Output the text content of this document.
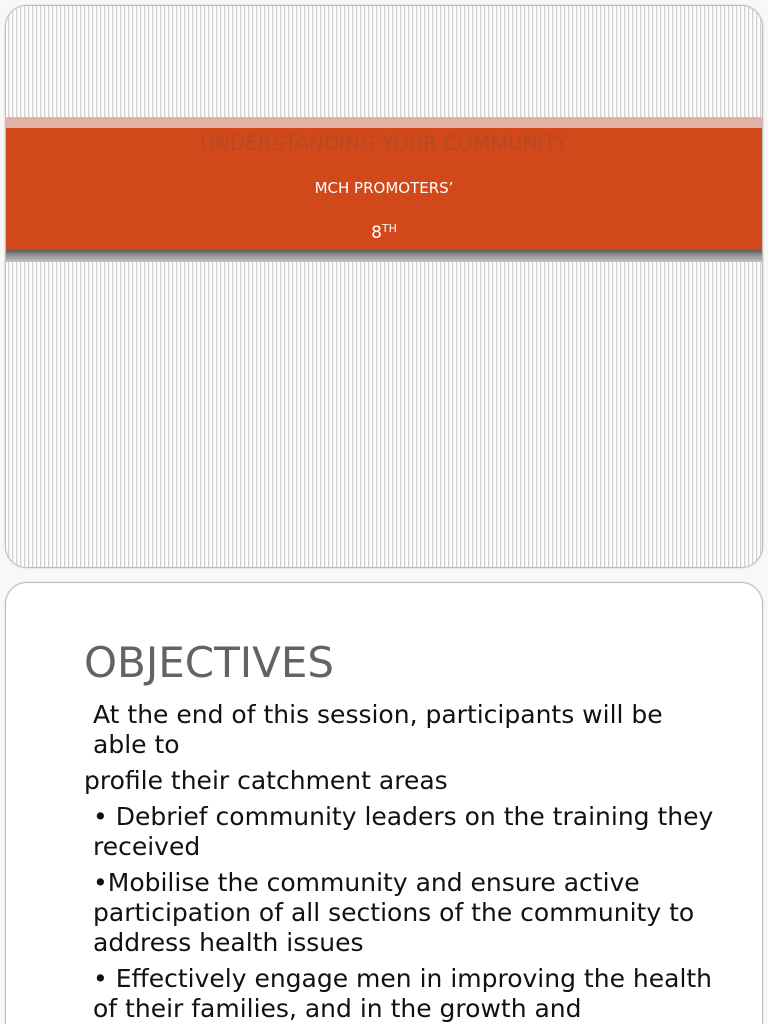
UNDERSTANDING YOUR COMMUNITY
MCH PROMOTERS’
8TH
OBJECTIVES

At the end of this session, participants will be
able to

profile their catchment areas

• Debrief community leaders on the training they
received

•Mobilise the community and ensure active
participation of all sections of the community to
address health issues

• Effectively engage men in improving the health
of their families, and in the growth and
